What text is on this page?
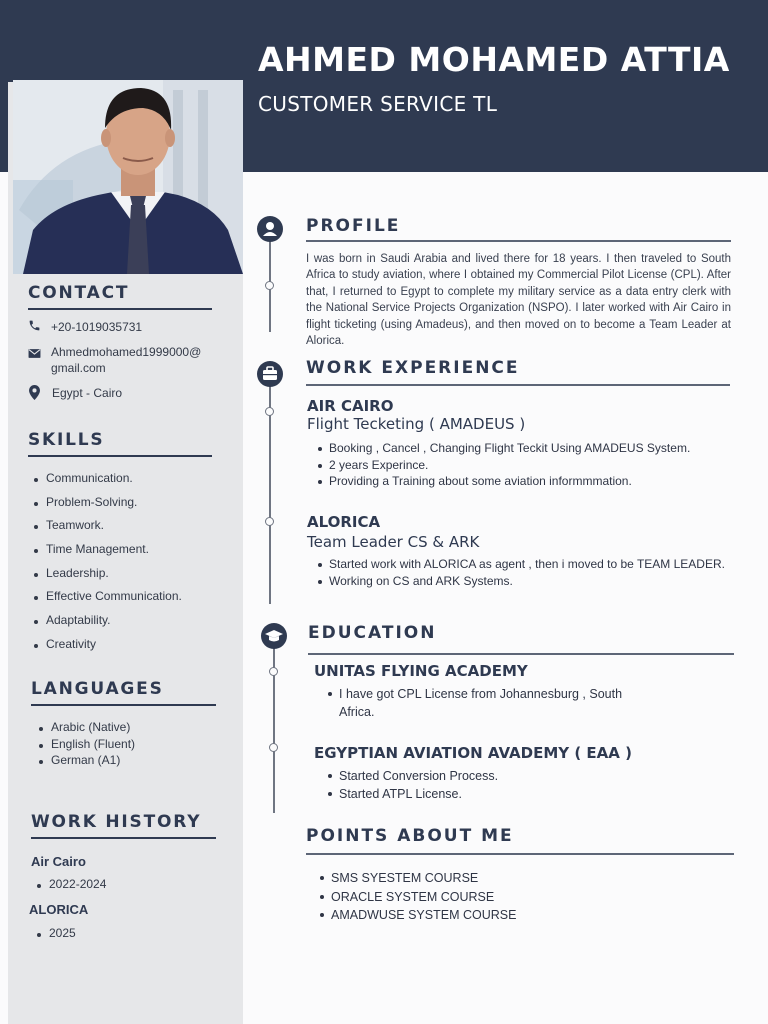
AHMED MOHAMED ATTIA
CUSTOMER SERVICE TL
CONTACT
+20-1019035731
Ahmedmohamed1999000@
gmail.com
Egypt - Cairo
SKILLS
Communication.
Problem-Solving.
Teamwork.
Time Management.
Leadership.
Effective Communication.
Adaptability.
Creativity
LANGUAGES
Arabic (Native)
English (Fluent)
German (A1)
WORK HISTORY
Air Cairo
2022-2024
ALORICA
2025
PROFILE

I was born in Saudi Arabia and lived there for 18 years. I then traveled to South Africa to study aviation, where I obtained my Commercial Pilot License (CPL). After that, I returned to Egypt to complete my military service as a data entry clerk with the National Service Projects Organization (NSPO). I later worked with Air Cairo in flight ticketing (using Amadeus), and then moved on to become a Team Leader at Alorica.

WORK EXPERIENCE
AIR CAIRO
Flight Tecketing ( AMADEUS )
Booking , Cancel , Changing Flight Teckit Using AMADEUS System.
2 years Experince.
Providing a Training about some aviation informmmation.
ALORICA
Team Leader CS & ARK
Started work with ALORICA as agent , then i moved to be TEAM LEADER.
Working on CS and ARK Systems.
EDUCATION
UNITAS FLYING ACADEMY
I have got CPL License from Johannesburg , South Africa.
EGYPTIAN AVIATION AVADEMY ( EAA )
Started Conversion Process.
Started ATPL License.
POINTS ABOUT ME
SMS SYESTEM COURSE
ORACLE SYSTEM COURSE
AMADWUSE SYSTEM COURSE
